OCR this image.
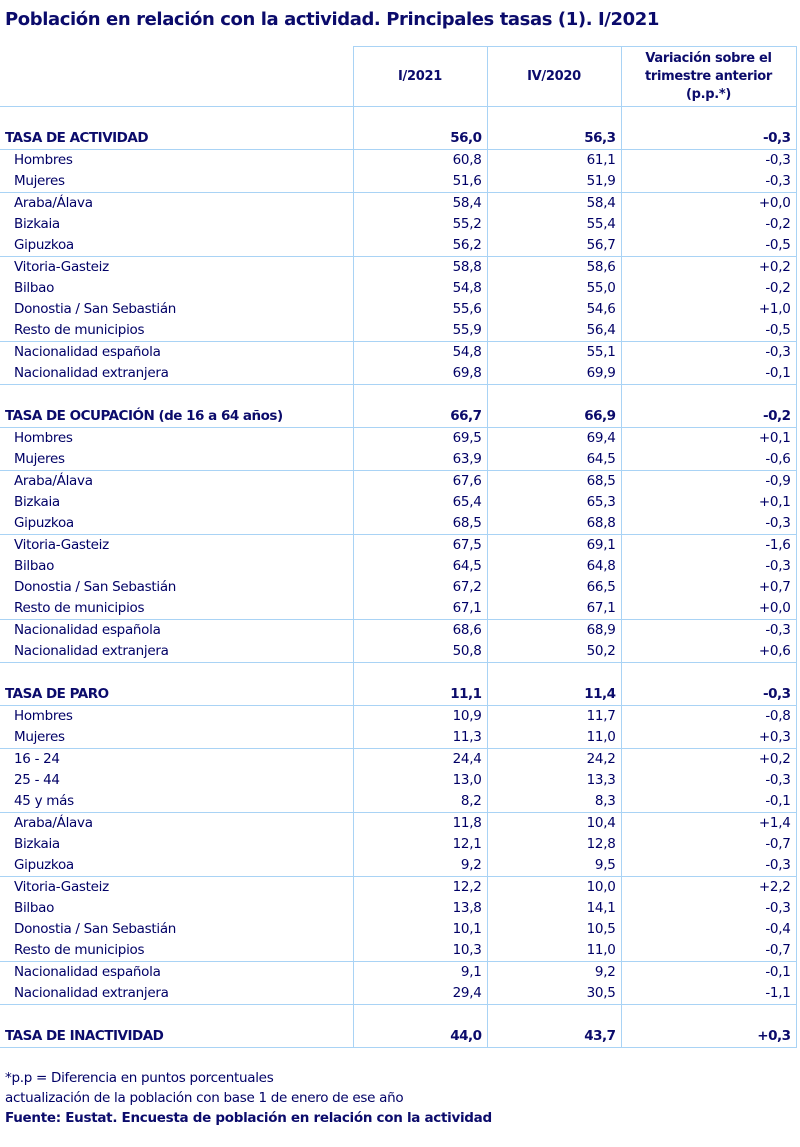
Población en relación con la actividad. Principales tasas (1). I/2021
	I/2021	IV/2020	Variación sobre el trimestre anterior (p.p.*)

TASA DE ACTIVIDAD	56,0	56,3	-0,3
Hombres	60,8	61,1	-0,3
Mujeres	51,6	51,9	-0,3
Araba/Álava	58,4	58,4	+0,0
Bizkaia	55,2	55,4	-0,2
Gipuzkoa	56,2	56,7	-0,5
Vitoria-Gasteiz	58,8	58,6	+0,2
Bilbao	54,8	55,0	-0,2
Donostia / San Sebastián	55,6	54,6	+1,0
Resto de municipios	55,9	56,4	-0,5
Nacionalidad española	54,8	55,1	-0,3
Nacionalidad extranjera	69,8	69,9	-0,1

TASA DE OCUPACIÓN (de 16 a 64 años)	66,7	66,9	-0,2
Hombres	69,5	69,4	+0,1
Mujeres	63,9	64,5	-0,6
Araba/Álava	67,6	68,5	-0,9
Bizkaia	65,4	65,3	+0,1
Gipuzkoa	68,5	68,8	-0,3
Vitoria-Gasteiz	67,5	69,1	-1,6
Bilbao	64,5	64,8	-0,3
Donostia / San Sebastián	67,2	66,5	+0,7
Resto de municipios	67,1	67,1	+0,0
Nacionalidad española	68,6	68,9	-0,3
Nacionalidad extranjera	50,8	50,2	+0,6

TASA DE PARO	11,1	11,4	-0,3
Hombres	10,9	11,7	-0,8
Mujeres	11,3	11,0	+0,3
16 - 24	24,4	24,2	+0,2
25 - 44	13,0	13,3	-0,3
45 y más	8,2	8,3	-0,1
Araba/Álava	11,8	10,4	+1,4
Bizkaia	12,1	12,8	-0,7
Gipuzkoa	9,2	9,5	-0,3
Vitoria-Gasteiz	12,2	10,0	+2,2
Bilbao	13,8	14,1	-0,3
Donostia / San Sebastián	10,1	10,5	-0,4
Resto de municipios	10,3	11,0	-0,7
Nacionalidad española	9,1	9,2	-0,1
Nacionalidad extranjera	29,4	30,5	-1,1

TASA DE INACTIVIDAD	44,0	43,7	+0,3
*p.p = Diferencia en puntos porcentuales
actualización de la población con base 1 de enero de ese año
Fuente: Eustat. Encuesta de población en relación con la actividad
